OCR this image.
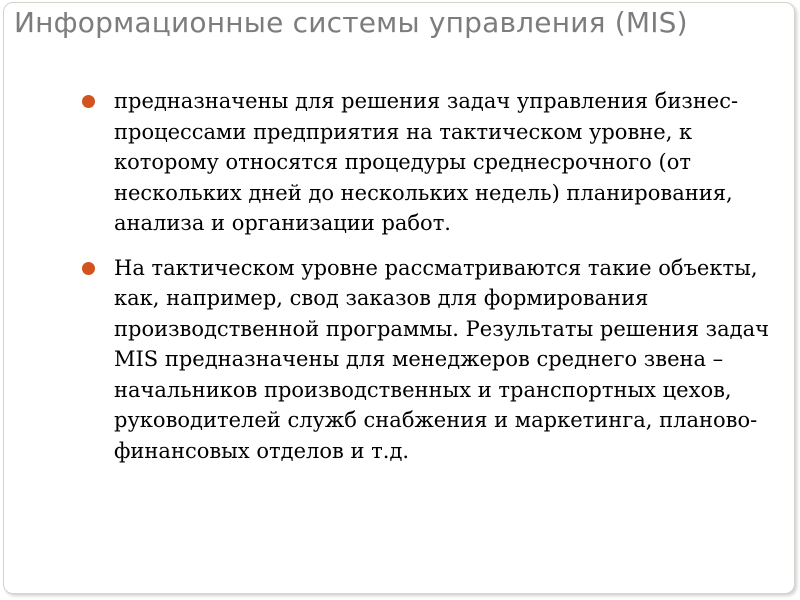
Информационные системы управления (MIS)
предназначены для решения задач управления бизнес-процессами предприятия на тактическом уровне, к которому относятся процедуры среднесрочного (от нескольких дней до нескольких недель) планирования, анализа и организации работ.
На тактическом уровне рассматриваются такие объекты, как, например, свод заказов для формирования производственной программы. Результаты решения задач MIS предназначены для менеджеров среднего звена – начальников производственных и транспортных цехов, руководителей служб снабжения и маркетинга, планово-финансовых отделов и т.д.
